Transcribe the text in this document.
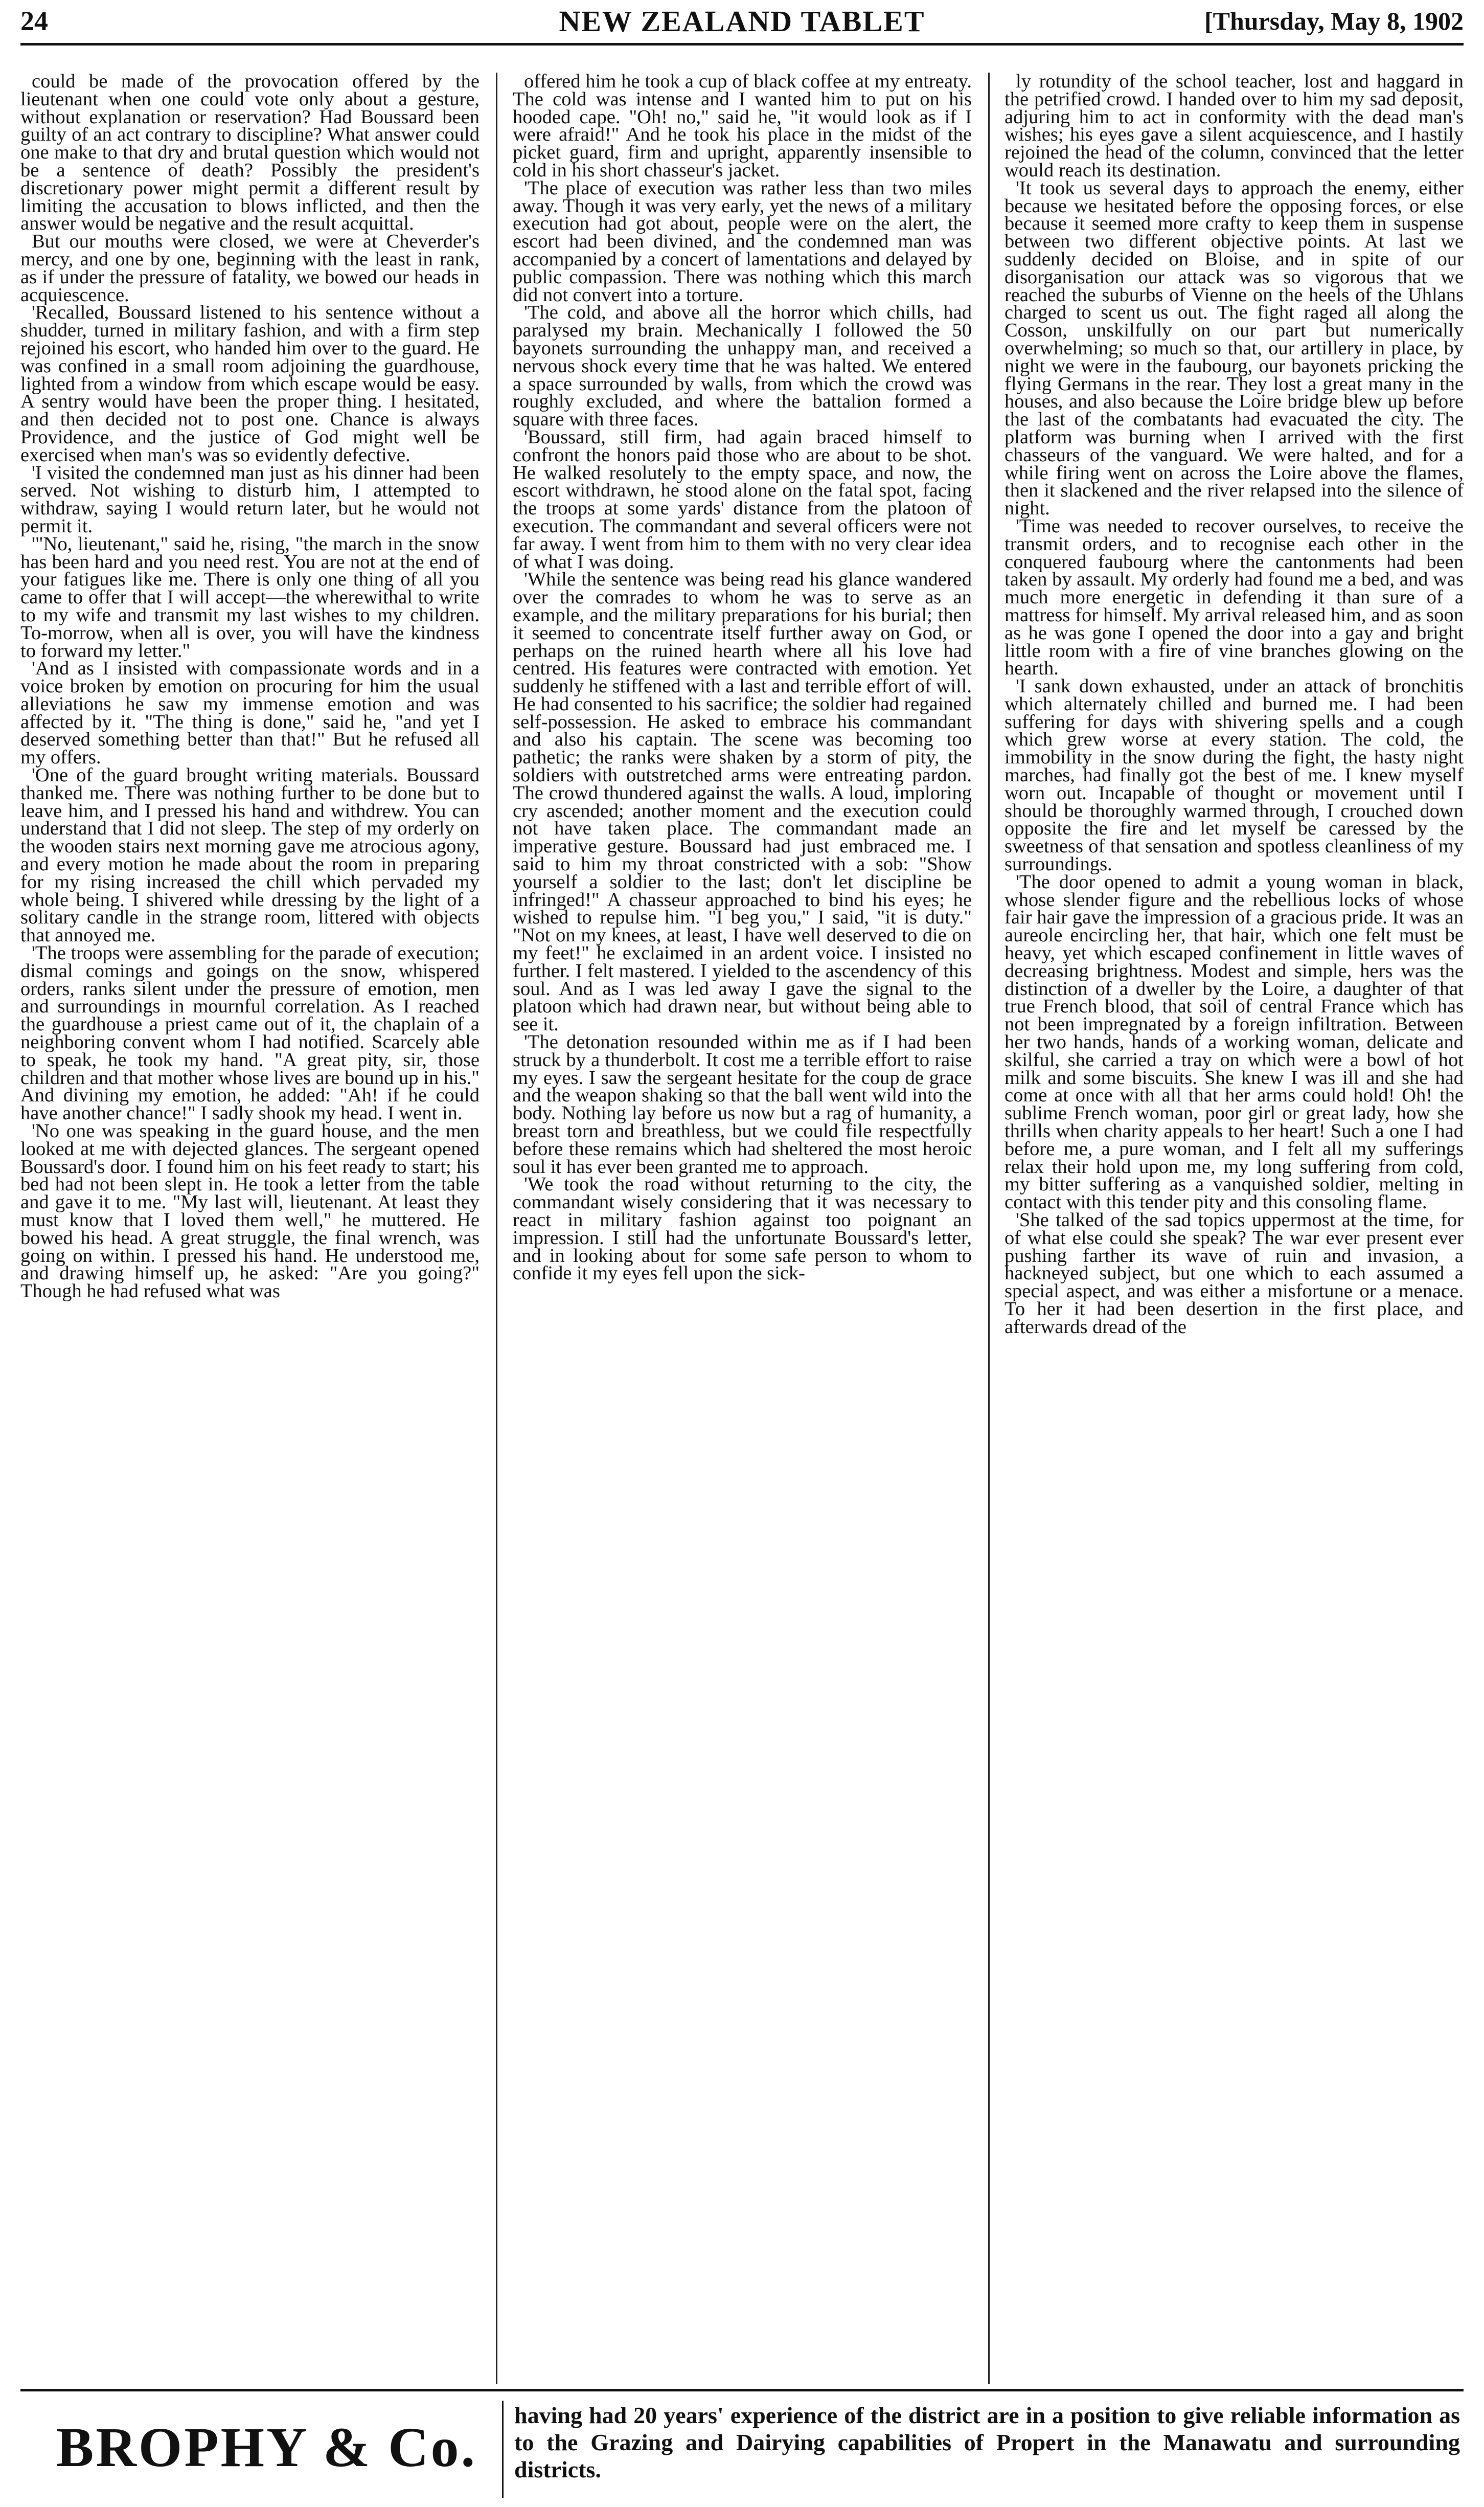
24	NEW ZEALAND TABLET	[Thursday, May 8, 1902

could be made of the provocation offered by the lieutenant when one could vote only about a gesture, without explanation or reservation? Had Boussard been guilty of an act contrary to discipline? What answer could one make to that dry and brutal question which would not be a sentence of death? Possibly the president's discretionary power might permit a different result by limiting the accusation to blows inflicted, and then the answer would be negative and the result acquittal.

But our mouths were closed, we were at Cheverder's mercy, and one by one, beginning with the least in rank, as if under the pressure of fatality, we bowed our heads in acquiescence.

'Recalled, Boussard listened to his sentence without a shudder, turned in military fashion, and with a firm step rejoined his escort, who handed him over to the guard. He was confined in a small room adjoining the guardhouse, lighted from a window from which escape would be easy. A sentry would have been the proper thing. I hesitated, and then decided not to post one. Chance is always Providence, and the justice of God might well be exercised when man's was so evidently defective.

'I visited the condemned man just as his dinner had been served. Not wishing to disturb him, I attempted to withdraw, saying I would return later, but he would not permit it.

'"No, lieutenant," said he, rising, "the march in the snow has been hard and you need rest. You are not at the end of your fatigues like me. There is only one thing of all you came to offer that I will accept—the wherewithal to write to my wife and transmit my last wishes to my children. To-morrow, when all is over, you will have the kindness to forward my letter."

'And as I insisted with compassionate words and in a voice broken by emotion on procuring for him the usual alleviations he saw my immense emotion and was affected by it. "The thing is done," said he, "and yet I deserved something better than that!" But he refused all my offers.

'One of the guard brought writing materials. Boussard thanked me. There was nothing further to be done but to leave him, and I pressed his hand and withdrew. You can understand that I did not sleep. The step of my orderly on the wooden stairs next morning gave me atrocious agony, and every motion he made about the room in preparing for my rising increased the chill which pervaded my whole being. I shivered while dressing by the light of a solitary candle in the strange room, littered with objects that annoyed me.

'The troops were assembling for the parade of execution; dismal comings and goings on the snow, whispered orders, ranks silent under the pressure of emotion, men and surroundings in mournful correlation. As I reached the guardhouse a priest came out of it, the chaplain of a neighboring convent whom I had notified. Scarcely able to speak, he took my hand. "A great pity, sir, those children and that mother whose lives are bound up in his." And divining my emotion, he added: "Ah! if he could have another chance!" I sadly shook my head. I went in.

'No one was speaking in the guard house, and the men looked at me with dejected glances. The sergeant opened Boussard's door. I found him on his feet ready to start; his bed had not been slept in. He took a letter from the table and gave it to me. "My last will, lieutenant. At least they must know that I loved them well," he muttered. He bowed his head. A great struggle, the final wrench, was going on within. I pressed his hand. He understood me, and drawing himself up, he asked: "Are you going?" Though he had refused what was

offered him he took a cup of black coffee at my entreaty. The cold was intense and I wanted him to put on his hooded cape. "Oh! no," said he, "it would look as if I were afraid!" And he took his place in the midst of the picket guard, firm and upright, apparently insensible to cold in his short chasseur's jacket.

'The place of execution was rather less than two miles away. Though it was very early, yet the news of a military execution had got about, people were on the alert, the escort had been divined, and the condemned man was accompanied by a concert of lamentations and delayed by public compassion. There was nothing which this march did not convert into a torture.

'The cold, and above all the horror which chills, had paralysed my brain. Mechanically I followed the 50 bayonets surrounding the unhappy man, and received a nervous shock every time that he was halted. We entered a space surrounded by walls, from which the crowd was roughly excluded, and where the battalion formed a square with three faces.

'Boussard, still firm, had again braced himself to confront the honors paid those who are about to be shot. He walked resolutely to the empty space, and now, the escort withdrawn, he stood alone on the fatal spot, facing the troops at some yards' distance from the platoon of execution. The commandant and several officers were not far away. I went from him to them with no very clear idea of what I was doing.

'While the sentence was being read his glance wandered over the comrades to whom he was to serve as an example, and the military preparations for his burial; then it seemed to concentrate itself further away on God, or perhaps on the ruined hearth where all his love had centred. His features were contracted with emotion. Yet suddenly he stiffened with a last and terrible effort of will. He had consented to his sacrifice; the soldier had regained self-possession. He asked to embrace his commandant and also his captain. The scene was becoming too pathetic; the ranks were shaken by a storm of pity, the soldiers with outstretched arms were entreating pardon. The crowd thundered against the walls. A loud, imploring cry ascended; another moment and the execution could not have taken place. The commandant made an imperative gesture. Boussard had just embraced me. I said to him my throat constricted with a sob: "Show yourself a soldier to the last; don't let discipline be infringed!" A chasseur approached to bind his eyes; he wished to repulse him. "I beg you," I said, "it is duty." "Not on my knees, at least, I have well deserved to die on my feet!" he exclaimed in an ardent voice. I insisted no further. I felt mastered. I yielded to the ascendency of this soul. And as I was led away I gave the signal to the platoon which had drawn near, but without being able to see it.

'The detonation resounded within me as if I had been struck by a thunderbolt. It cost me a terrible effort to raise my eyes. I saw the sergeant hesitate for the coup de grace and the weapon shaking so that the ball went wild into the body. Nothing lay before us now but a rag of humanity, a breast torn and breathless, but we could file respectfully before these remains which had sheltered the most heroic soul it has ever been granted me to approach.

'We took the road without returning to the city, the commandant wisely considering that it was necessary to react in military fashion against too poignant an impression. I still had the unfortunate Boussard's letter, and in looking about for some safe person to whom to confide it my eyes fell upon the sick-

ly rotundity of the school teacher, lost and haggard in the petrified crowd. I handed over to him my sad deposit, adjuring him to act in conformity with the dead man's wishes; his eyes gave a silent acquiescence, and I hastily rejoined the head of the column, convinced that the letter would reach its destination.

'It took us several days to approach the enemy, either because we hesitated before the opposing forces, or else because it seemed more crafty to keep them in suspense between two different objective points. At last we suddenly decided on Bloise, and in spite of our disorganisation our attack was so vigorous that we reached the suburbs of Vienne on the heels of the Uhlans charged to scent us out. The fight raged all along the Cosson, unskilfully on our part but numerically overwhelming; so much so that, our artillery in place, by night we were in the faubourg, our bayonets pricking the flying Germans in the rear. They lost a great many in the houses, and also because the Loire bridge blew up before the last of the combatants had evacuated the city. The platform was burning when I arrived with the first chasseurs of the vanguard. We were halted, and for a while firing went on across the Loire above the flames, then it slackened and the river relapsed into the silence of night.

'Time was needed to recover ourselves, to receive the transmit orders, and to recognise each other in the conquered faubourg where the cantonments had been taken by assault. My orderly had found me a bed, and was much more energetic in defending it than sure of a mattress for himself. My arrival released him, and as soon as he was gone I opened the door into a gay and bright little room with a fire of vine branches glowing on the hearth.

'I sank down exhausted, under an attack of bronchitis which alternately chilled and burned me. I had been suffering for days with shivering spells and a cough which grew worse at every station. The cold, the immobility in the snow during the fight, the hasty night marches, had finally got the best of me. I knew myself worn out. Incapable of thought or movement until I should be thoroughly warmed through, I crouched down opposite the fire and let myself be caressed by the sweetness of that sensation and spotless cleanliness of my surroundings.

'The door opened to admit a young woman in black, whose slender figure and the rebellious locks of whose fair hair gave the impression of a gracious pride. It was an aureole encircling her, that hair, which one felt must be heavy, yet which escaped confinement in little waves of decreasing brightness. Modest and simple, hers was the distinction of a dweller by the Loire, a daughter of that true French blood, that soil of central France which has not been impregnated by a foreign infiltration. Between her two hands, hands of a working woman, delicate and skilful, she carried a tray on which were a bowl of hot milk and some biscuits. She knew I was ill and she had come at once with all that her arms could hold! Oh! the sublime French woman, poor girl or great lady, how she thrills when charity appeals to her heart! Such a one I had before me, a pure woman, and I felt all my sufferings relax their hold upon me, my long suffering from cold, my bitter suffering as a vanquished soldier, melting in contact with this tender pity and this consoling flame.

'She talked of the sad topics uppermost at the time, for of what else could she speak? The war ever present ever pushing farther its wave of ruin and invasion, a hackneyed subject, but one which to each assumed a special aspect, and was either a misfortune or a menace. To her it had been desertion in the first place, and afterwards dread of the

BROPHY & Co.
having had 20 years' experience of the district are in a position to give reliable information as to the Grazing and Dairying capabilities of Propert in the Manawatu and surrounding districts.
